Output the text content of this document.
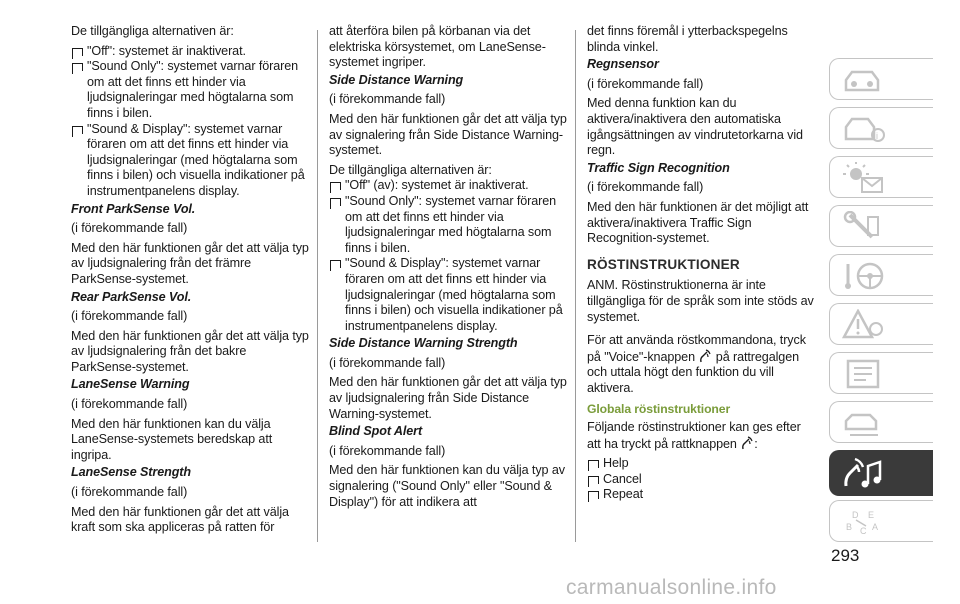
De tillgängliga alternativen är:

"Off": systemet är inaktiverat.
"Sound Only": systemet varnar föraren om att det finns ett hinder via ljudsignaleringar med högtalarna som finns i bilen.
"Sound & Display": systemet varnar föraren om att det finns ett hinder via ljudsignaleringar (med högtalarna som finns i bilen) och visuella indikationer på instrumentpanelens display.

Front ParkSense Vol.

(i förekommande fall)

Med den här funktionen går det att välja typ av ljudsignalering från det främre ParkSense-systemet.

Rear ParkSense Vol.

(i förekommande fall)

Med den här funktionen går det att välja typ av ljudsignalering från det bakre ParkSense-systemet.

LaneSense Warning

(i förekommande fall)

Med den här funktionen kan du välja LaneSense-systemets beredskap att ingripa.

LaneSense Strength

(i förekommande fall)

Med den här funktionen går det att välja kraft som ska appliceras på ratten för

att återföra bilen på körbanan via det elektriska körsystemet, om LaneSense-systemet ingriper.

Side Distance Warning

(i förekommande fall)

Med den här funktionen går det att välja typ av signalering från Side Distance Warning-systemet.

De tillgängliga alternativen är:

"Off" (av): systemet är inaktiverat.
"Sound Only": systemet varnar föraren om att det finns ett hinder via ljudsignaleringar med högtalarna som finns i bilen.
"Sound & Display": systemet varnar föraren om att det finns ett hinder via ljudsignaleringar (med högtalarna som finns i bilen) och visuella indikationer på instrumentpanelens display.

Side Distance Warning Strength

(i förekommande fall)

Med den här funktionen går det att välja typ av ljudsignalering från Side Distance Warning-systemet.

Blind Spot Alert

(i förekommande fall)

Med den här funktionen kan du välja typ av signalering ("Sound Only" eller "Sound & Display") för att indikera att

det finns föremål i ytterbackspegelns blinda vinkel.

Regnsensor

(i förekommande fall)

Med denna funktion kan du aktivera/inaktivera den automatiska igångsättningen av vindrutetorkarna vid regn.

Traffic Sign Recognition

(i förekommande fall)

Med den här funktionen är det möjligt att aktivera/inaktivera Traffic Sign Recognition-systemet.

RÖSTINSTRUKTIONER

ANM. Röstinstruktionerna är inte tillgängliga för de språk som inte stöds av systemet.

För att använda röstkommandona, tryck på "Voice"-knappen på rattregalgen och uttala högt den funktion du vill aktivera.

Globala röstinstruktioner

Följande röstinstruktioner kan ges efter att ha tryckt på rattknappen :

Help
Cancel
Repeat
i
D E
B C A
293
carmanualsonline.info
